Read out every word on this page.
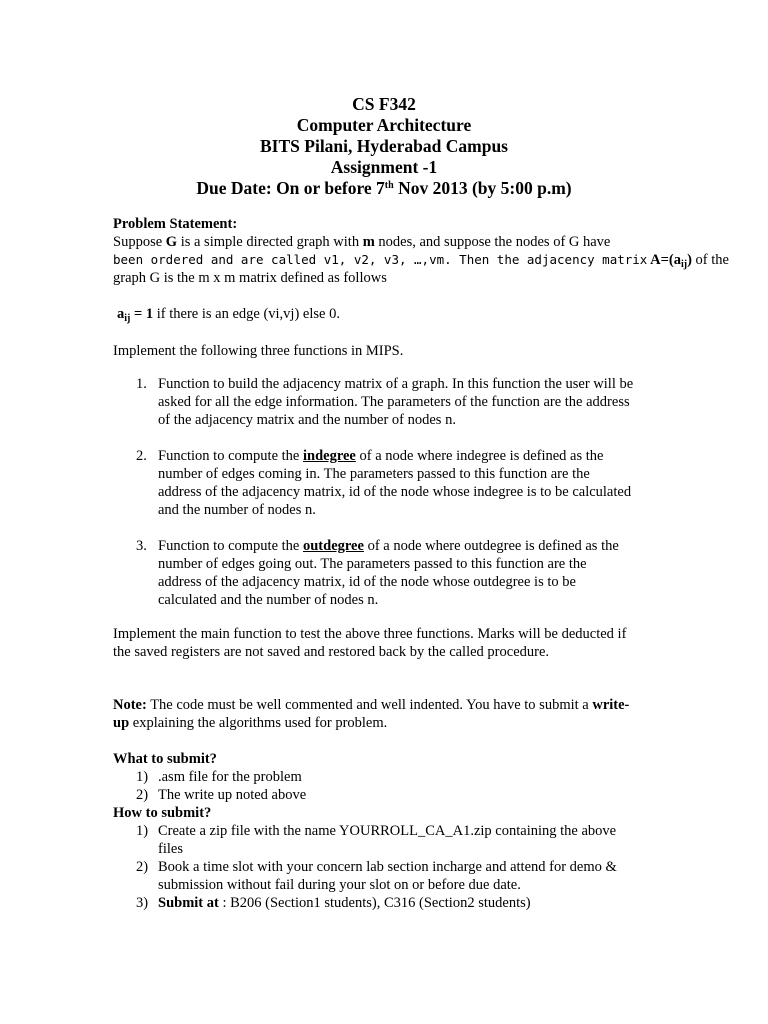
CS F342
Computer Architecture
BITS Pilani, Hyderabad Campus
Assignment -1
Due Date: On or before 7th Nov 2013 (by 5:00 p.m)
Problem Statement:
Suppose G is a simple directed graph with m nodes, and suppose the nodes of G have
been ordered and are called v1, v2, v3, …,vm. Then the adjacency matrix $A=(a_{ij})$ of the
graph G is the m x m matrix defined as follows
$a_{ij} = 1$ if there is an edge (vi,vj) else 0.
Implement the following three functions in MIPS.
1. Function to build the adjacency matrix of a graph. In this function the user will be
asked for all the edge information. The parameters of the function are the address
of the adjacency matrix and the number of nodes n.
2. Function to compute the indegree of a node where indegree is defined as the
number of edges coming in. The parameters passed to this function are the
address of the adjacency matrix, id of the node whose indegree is to be calculated
and the number of nodes n.
3. Function to compute the outdegree of a node where outdegree is defined as the
number of edges going out. The parameters passed to this function are the
address of the adjacency matrix, id of the node whose outdegree is to be
calculated and the number of nodes n.
Implement the main function to test the above three functions. Marks will be deducted if
the saved registers are not saved and restored back by the called procedure.
Note: The code must be well commented and well indented. You have to submit a write-
up explaining the algorithms used for problem.
What to submit?
1) .asm file for the problem
2) The write up noted above
How to submit?
1) Create a zip file with the name YOURROLL_CA_A1.zip containing the above
files
2) Book a time slot with your concern lab section incharge and attend for demo &
submission without fail during your slot on or before due date.
3) Submit at : B206 (Section1 students), C316 (Section2 students)
